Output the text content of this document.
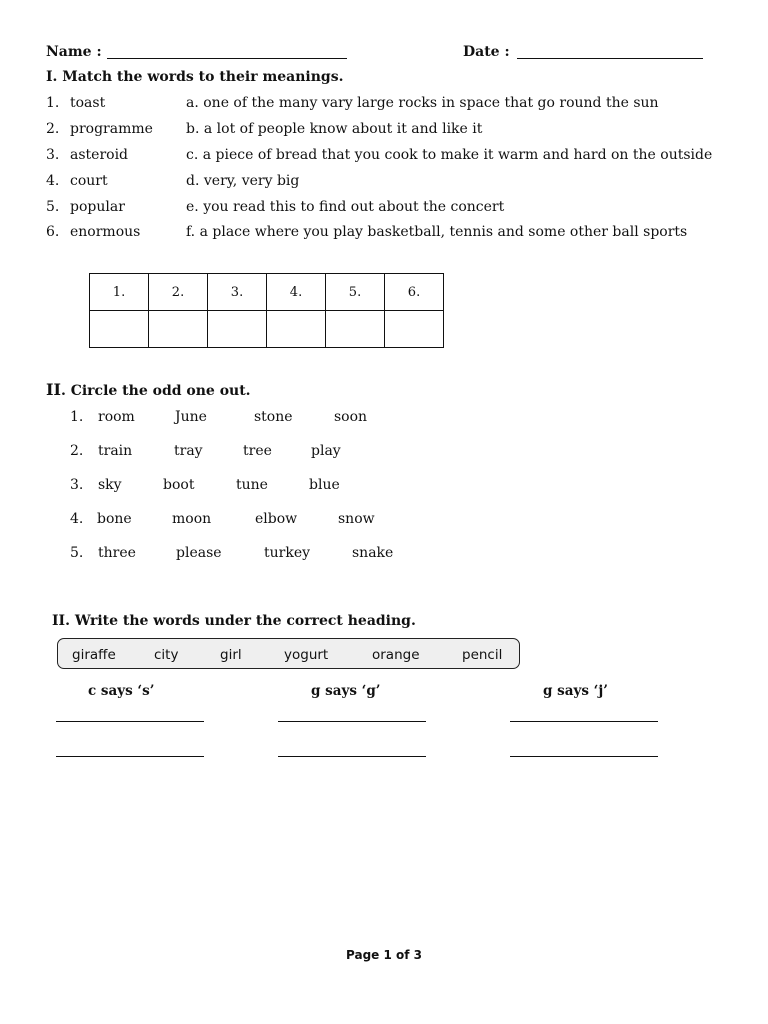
Name :	Date :
I. Match the words to their meanings.
1. toast	a. one of the many vary large rocks in space that go round the sun
2. programme b. a lot of people know about it and like it
3. asteroid	c. a piece of bread that you cook to make it warm and hard on the outside
4. court	d. very, very big
5. popular	e. you read this to find out about the concert
6. enormous	f. a place where you play basketball, tennis and some other ball sports
1.	2.	3.	4.	5.	6.

II. Circle the odd one out.
1. room	June	stone	soon
2. train	tray	tree	play
3. sky	boot	tune	blue
4. bone	moon	elbow	snow
5. three	please	turkey	snake
II. Write the words under the correct heading.
giraffe	city	girl	yogurt	orange	pencil
c says ‘s’	g says ‘g’	g says ‘j’
Page 1 of 3
